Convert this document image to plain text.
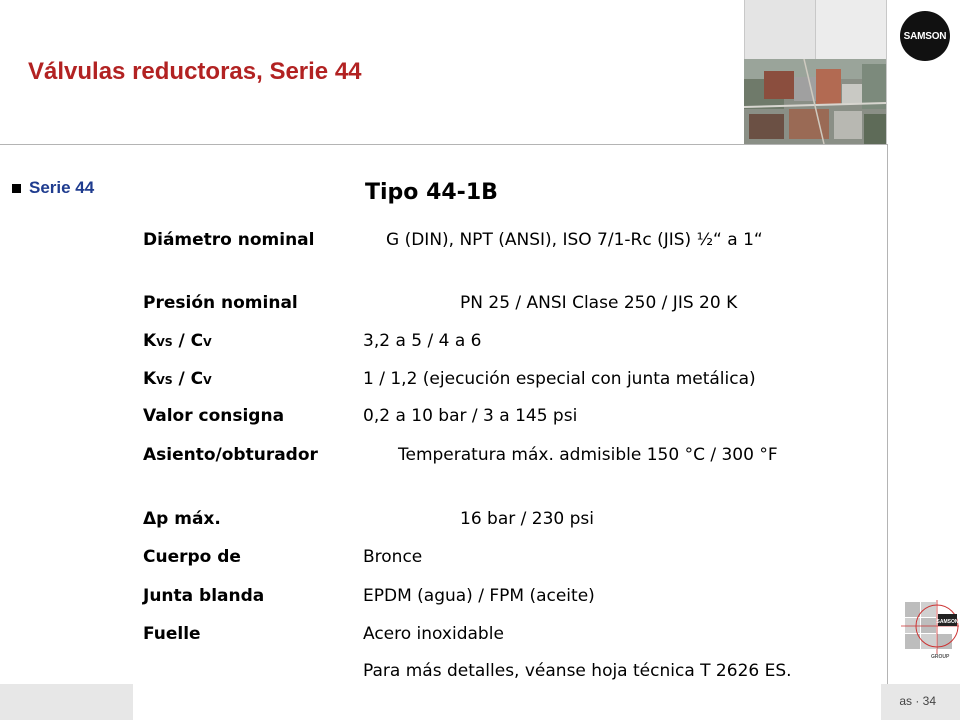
Válvulas reductoras, Serie 44
SAMSON
Serie 44	Tipo 44-1B
Diámetro nominal	G (DIN), NPT (ANSI), ISO 7/1-Rc (JIS) ½“ a 1“
Presión nominal	PN 25 / ANSI Clase 250 / JIS 20 K
KVS / CV	3,2 a 5 / 4 a 6
KVS / CV	1 / 1,2 (ejecución especial con junta metálica)
Valor consigna	0,2 a 10 bar / 3 a 145 psi
Asiento/obturador	Temperatura máx. admisible 150 °C / 300 °F
Δp máx.	16 bar / 230 psi
Cuerpo de	Bronce
Junta blanda	EPDM (agua) / FPM (aceite)
Fuelle	Acero inoxidable
as · 34
Para más detalles, véanse hoja técnica T 2626 ES.
SAMSON
GROUP
